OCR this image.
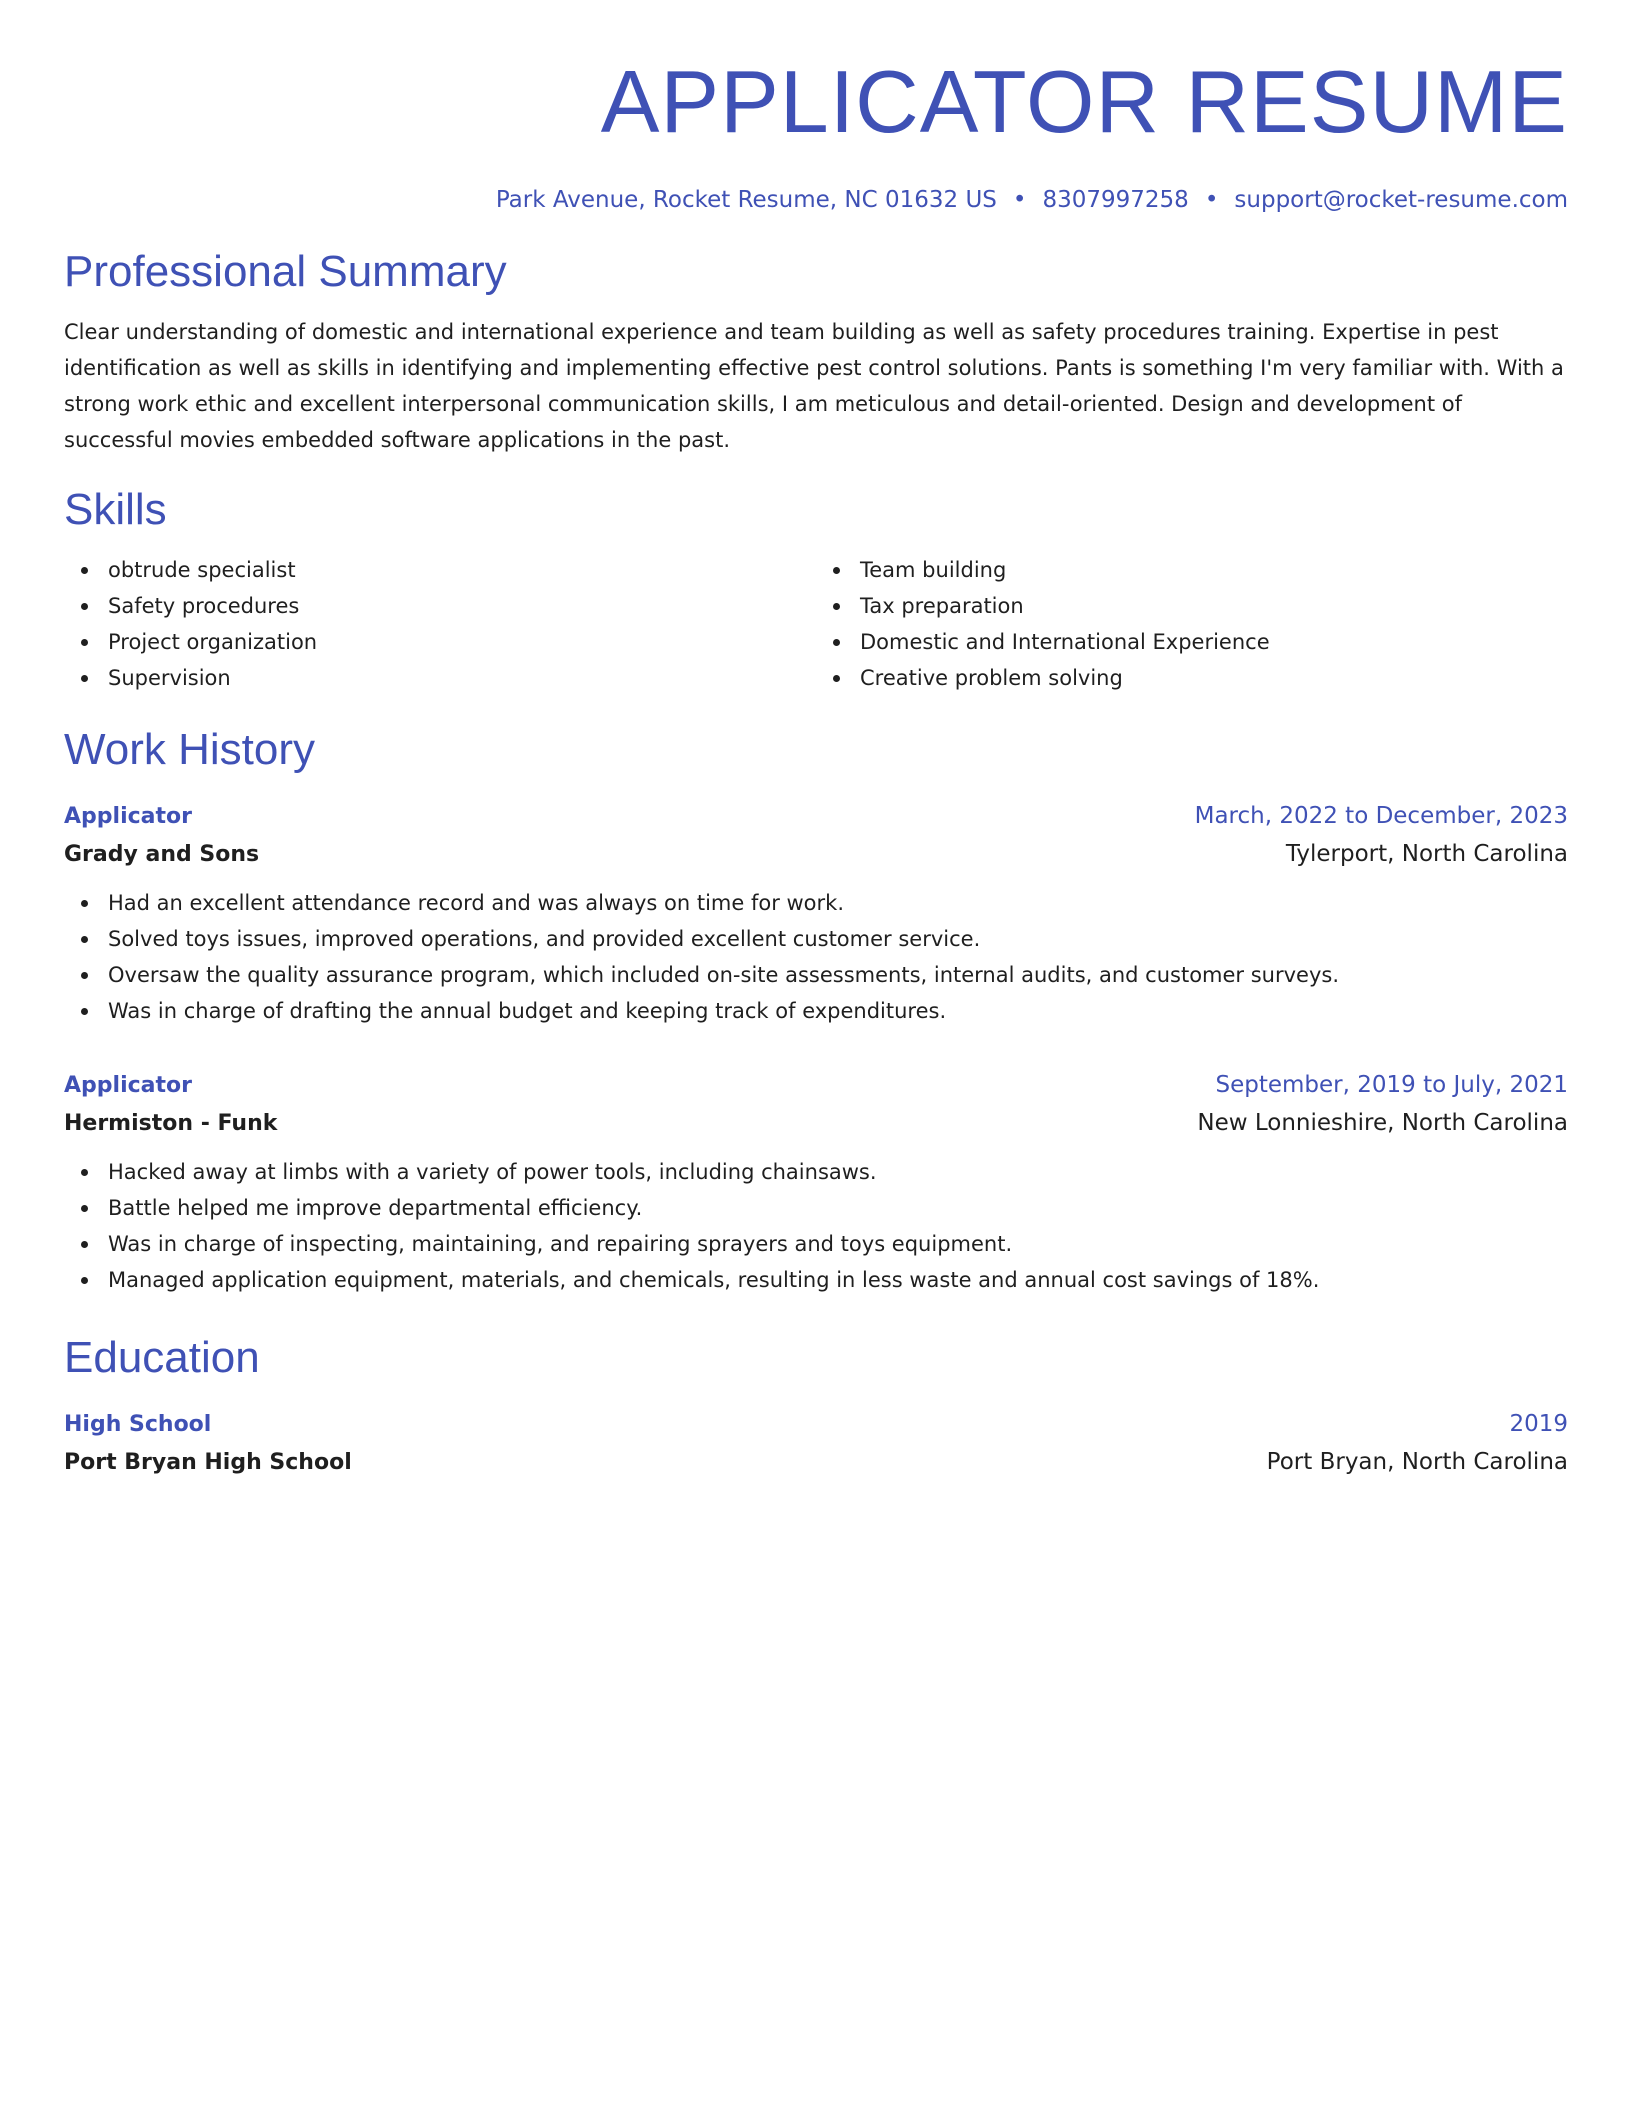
APPLICATOR RESUME
Park Avenue, Rocket Resume, NC 01632 US • 8307997258 • support@rocket-resume.com
Professional Summary

Clear understanding of domestic and international experience and team building as well as safety procedures training. Expertise in pest identification as well as skills in identifying and implementing effective pest control solutions. Pants is something I'm very familiar with. With a strong work ethic and excellent interpersonal communication skills, I am meticulous and detail-oriented. Design and development of successful movies embedded software applications in the past.

Skills
obtrude specialist
Safety procedures
Project organization
Supervision
Team building
Tax preparation
Domestic and International Experience
Creative problem solving
Work History
Applicator	March, 2022 to December, 2023
Grady and Sons	Tylerport, North Carolina
Had an excellent attendance record and was always on time for work.
Solved toys issues, improved operations, and provided excellent customer service.
Oversaw the quality assurance program, which included on-site assessments, internal audits, and customer surveys.
Was in charge of drafting the annual budget and keeping track of expenditures.
Applicator	September, 2019 to July, 2021
Hermiston - Funk	New Lonnieshire, North Carolina
Hacked away at limbs with a variety of power tools, including chainsaws.
Battle helped me improve departmental efficiency.
Was in charge of inspecting, maintaining, and repairing sprayers and toys equipment.
Managed application equipment, materials, and chemicals, resulting in less waste and annual cost savings of 18%.
Education
High School	2019
Port Bryan High School	Port Bryan, North Carolina
